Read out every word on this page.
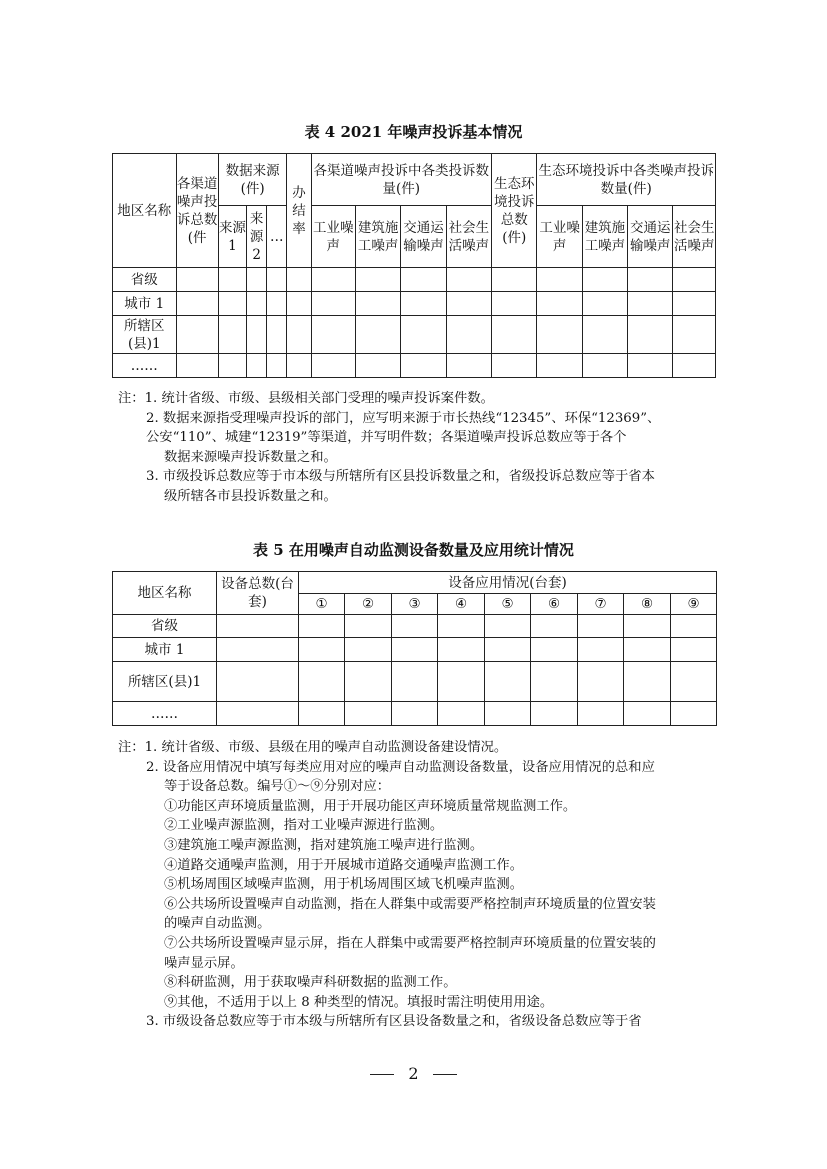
表 4 2021 年噪声投诉基本情况
地区名称	各渠道噪声投诉总数(件	数据来源(件)			办结率	各渠道噪声投诉中各类投诉数量(件)				生态环境投诉总数(件)	生态环境投诉中各类噪声投诉数量(件)			
		来源1	来源2	…		工业噪声	建筑施工噪声	交通运输噪声	社会生活噪声		工业噪声	建筑施工噪声	交通运输噪声	社会生活噪声
省级														
城市 1														
所辖区(县)1														
……														
注：1. 统计省级、市级、县级相关部门受理的噪声投诉案件数。
2. 数据来源指受理噪声投诉的部门，应写明来源于市长热线“12345”、环保“12369”、
公安“110”、城建“12319”等渠道，并写明件数；各渠道噪声投诉总数应等于各个
数据来源噪声投诉数量之和。
3. 市级投诉总数应等于市本级与所辖所有区县投诉数量之和，省级投诉总数应等于省本
级所辖各市县投诉数量之和。
表 5 在用噪声自动监测设备数量及应用统计情况
地区名称	设备总数(台套)	设备应用情况(台套)								
		①	②	③	④	⑤	⑥	⑦	⑧	⑨
省级										
城市 1										
所辖区(县)1										
……										
注：1. 统计省级、市级、县级在用的噪声自动监测设备建设情况。
2. 设备应用情况中填写每类应用对应的噪声自动监测设备数量，设备应用情况的总和应
等于设备总数。编号①～⑨分别对应：
①功能区声环境质量监测，用于开展功能区声环境质量常规监测工作。
②工业噪声源监测，指对工业噪声源进行监测。
③建筑施工噪声源监测，指对建筑施工噪声进行监测。
④道路交通噪声监测，用于开展城市道路交通噪声监测工作。
⑤机场周围区域噪声监测，用于机场周围区域飞机噪声监测。
⑥公共场所设置噪声自动监测，指在人群集中或需要严格控制声环境质量的位置安装
的噪声自动监测。
⑦公共场所设置噪声显示屏，指在人群集中或需要严格控制声环境质量的位置安装的
噪声显示屏。
⑧科研监测，用于获取噪声科研数据的监测工作。
⑨其他，不适用于以上 8 种类型的情况。填报时需注明使用用途。
3. 市级设备总数应等于市本级与所辖所有区县设备数量之和，省级设备总数应等于省
2
